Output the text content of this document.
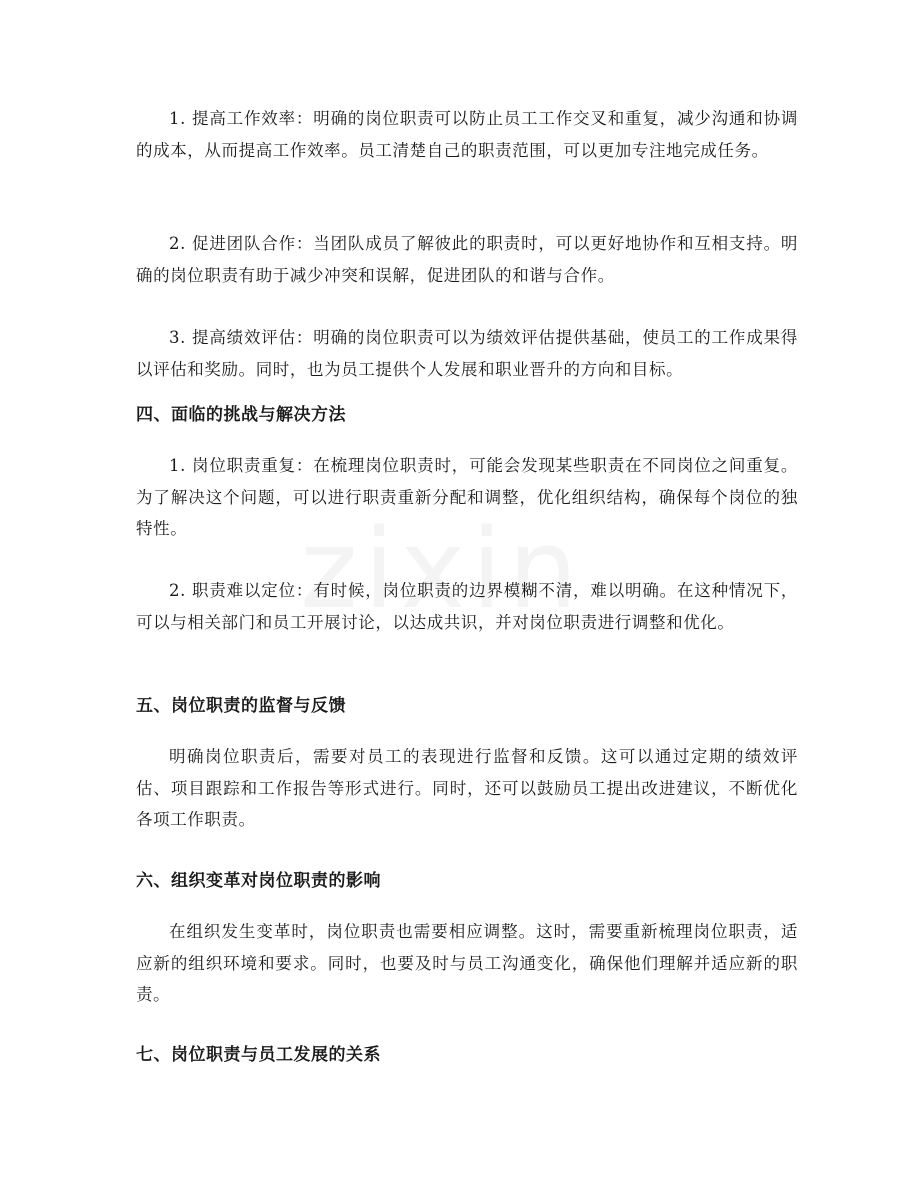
1. 提高工作效率：明确的岗位职责可以防止员工工作交叉和重复，减少沟通和协调的成本，从而提高工作效率。员工清楚自己的职责范围，可以更加专注地完成任务。

2. 促进团队合作：当团队成员了解彼此的职责时，可以更好地协作和互相支持。明确的岗位职责有助于减少冲突和误解，促进团队的和谐与合作。

3. 提高绩效评估：明确的岗位职责可以为绩效评估提供基础，使员工的工作成果得以评估和奖励。同时，也为员工提供个人发展和职业晋升的方向和目标。

四、面临的挑战与解决方法

1. 岗位职责重复：在梳理岗位职责时，可能会发现某些职责在不同岗位之间重复。为了解决这个问题，可以进行职责重新分配和调整，优化组织结构，确保每个岗位的独特性。

2. 职责难以定位：有时候，岗位职责的边界模糊不清，难以明确。在这种情况下，可以与相关部门和员工开展讨论，以达成共识，并对岗位职责进行调整和优化。

五、岗位职责的监督与反馈

明确岗位职责后，需要对员工的表现进行监督和反馈。这可以通过定期的绩效评估、项目跟踪和工作报告等形式进行。同时，还可以鼓励员工提出改进建议，不断优化各项工作职责。

六、组织变革对岗位职责的影响

在组织发生变革时，岗位职责也需要相应调整。这时，需要重新梳理岗位职责，适应新的组织环境和要求。同时，也要及时与员工沟通变化，确保他们理解并适应新的职责。

七、岗位职责与员工发展的关系
